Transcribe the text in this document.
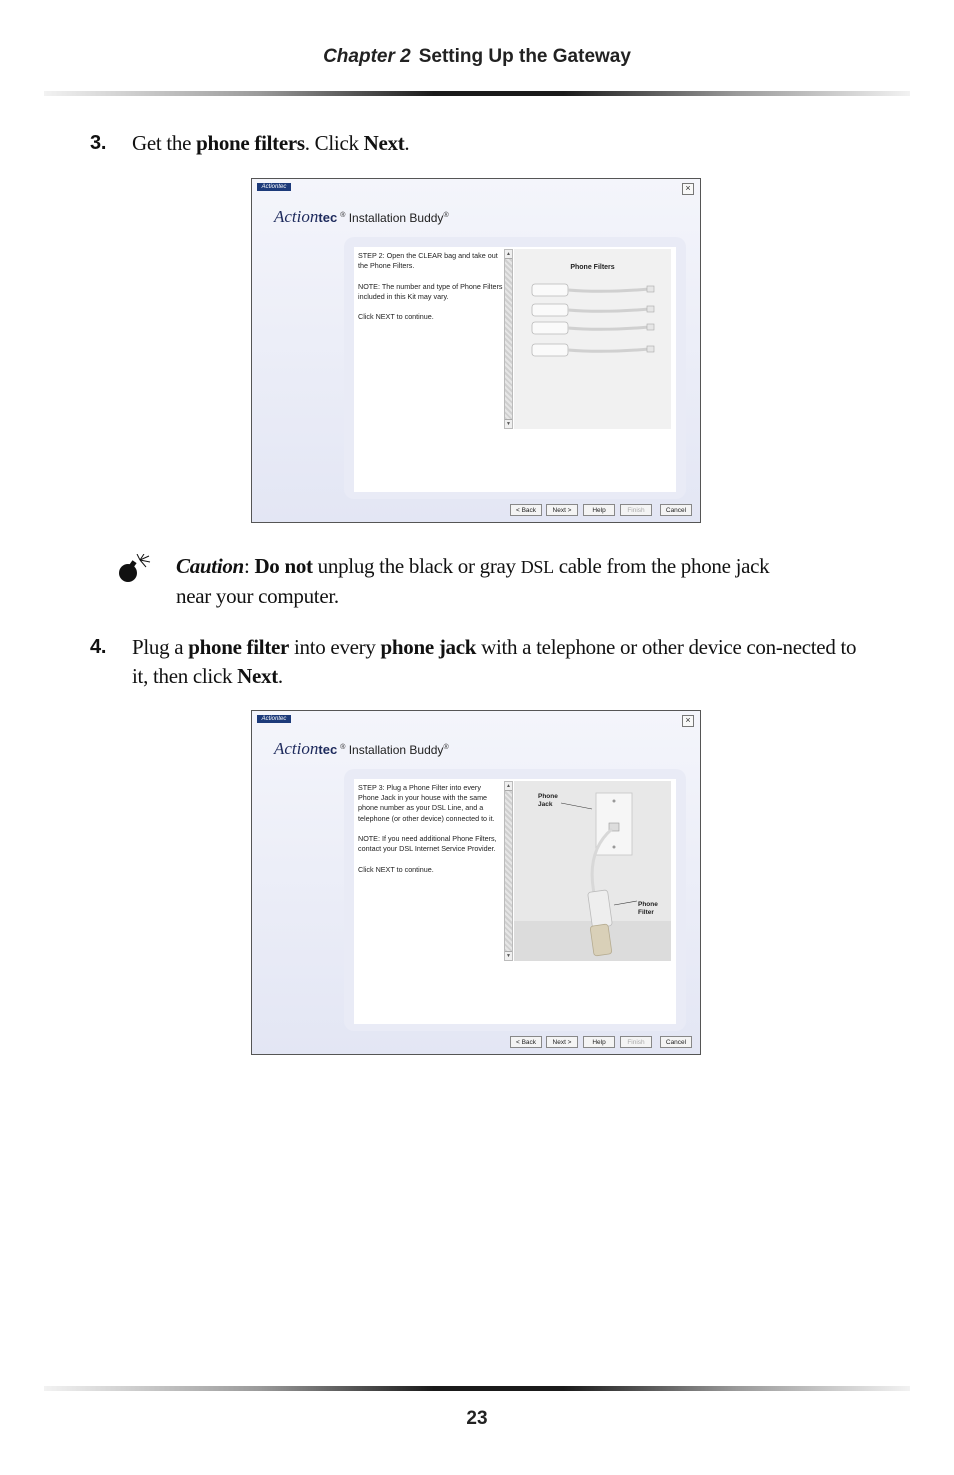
Chapter 2 Setting Up the Gateway
3. Get the phone filters. Click Next.
Actiontec	×
Actiontec ® Installation Buddy®
STEP 2: Open the CLEAR bag and take out the Phone Filters.

NOTE: The number and type of Phone Filters included in this Kit may vary.

Click NEXT to continue.
▲
▼
Phone Filters
< Back	Next >	Help	Finish	Cancel
Caution: Do not unplug the black or gray DSL cable from the phone jack near your computer.
4. Plug a phone filter into every phone jack with a telephone or other device con-nected to it, then click Next.
Actiontec	×
Actiontec ® Installation Buddy®
STEP 3: Plug a Phone Filter into every Phone Jack in your house with the same phone number as your DSL Line, and a telephone (or other device) connected to it.

NOTE: If you need additional Phone Filters, contact your DSL Internet Service Provider.

Click NEXT to continue.
▲
▼
Phone
Jack
Phone
Filter
< Back	Next >	Help	Finish	Cancel
23
